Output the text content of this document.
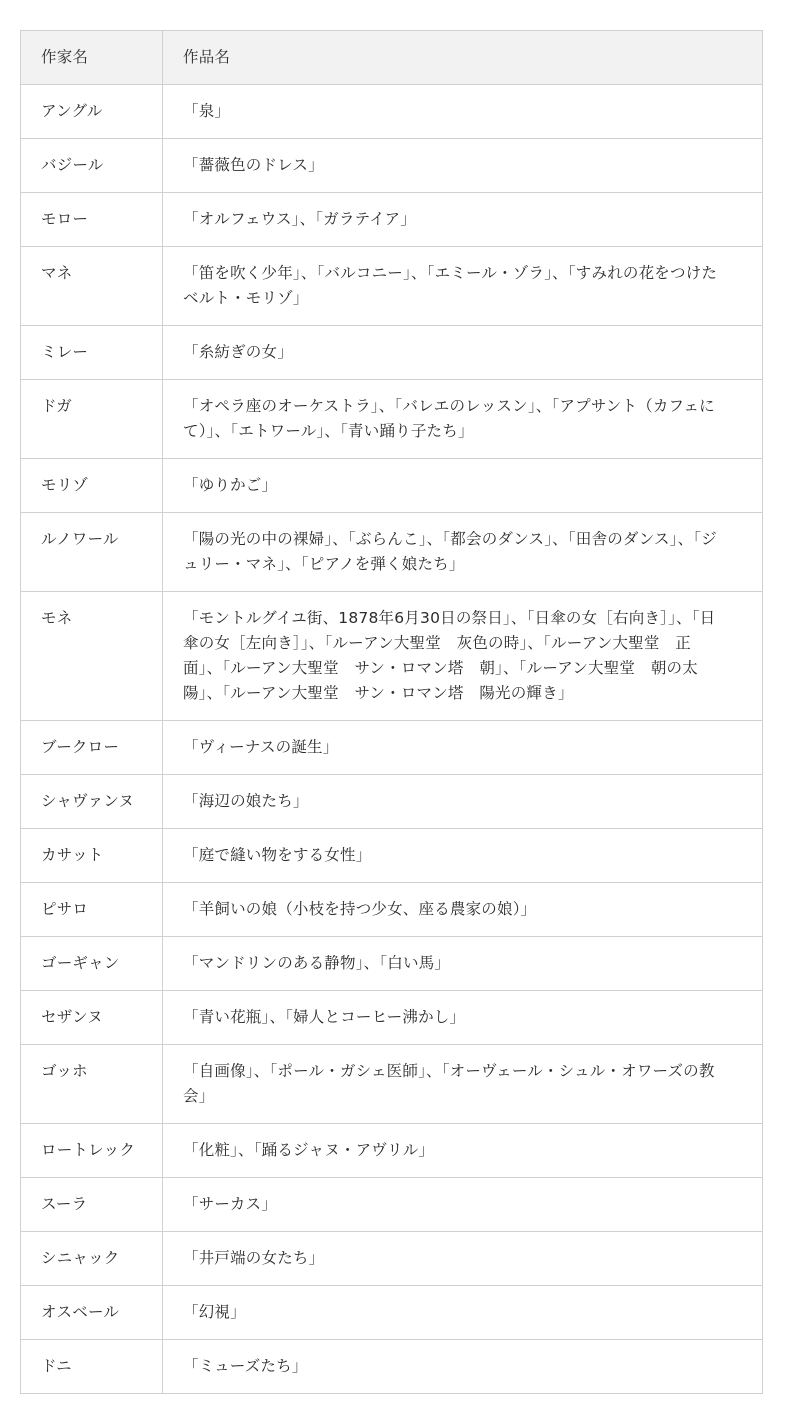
作家名	作品名
アングル	「泉」
バジール	「薔薇色のドレス」
モロー	「オルフェウス」、「ガラテイア」
マネ	「笛を吹く少年」、「バルコニー」、「エミール・ゾラ」、「すみれの花をつけたベルト・モリゾ」
ミレー	「糸紡ぎの女」
ドガ	「オペラ座のオーケストラ」、「バレエのレッスン」、「アプサント（カフェにて）」、「エトワール」、「青い踊り子たち」
モリゾ	「ゆりかご」
ルノワール	「陽の光の中の裸婦」、「ぶらんこ」、「都会のダンス」、「田舎のダンス」、「ジュリー・マネ」、「ピアノを弾く娘たち」
モネ	「モントルグイユ街、1878年6月30日の祭日」、「日傘の女［右向き］」、「日傘の女［左向き］」、「ルーアン大聖堂　灰色の時」、「ルーアン大聖堂　正面」、「ルーアン大聖堂　サン・ロマン塔　朝」、「ルーアン大聖堂　朝の太陽」、「ルーアン大聖堂　サン・ロマン塔　陽光の輝き」
ブークロー	「ヴィーナスの誕生」
シャヴァンヌ	「海辺の娘たち」
カサット	「庭で縫い物をする女性」
ピサロ	「羊飼いの娘（小枝を持つ少女、座る農家の娘）」
ゴーギャン	「マンドリンのある静物」、「白い馬」
セザンヌ	「青い花瓶」、「婦人とコーヒー沸かし」
ゴッホ	「自画像」、「ポール・ガシェ医師」、「オーヴェール・シュル・オワーズの教会」
ロートレック	「化粧」、「踊るジャヌ・アヴリル」
スーラ	「サーカス」
シニャック	「井戸端の女たち」
オスベール	「幻視」
ドニ	「ミューズたち」
